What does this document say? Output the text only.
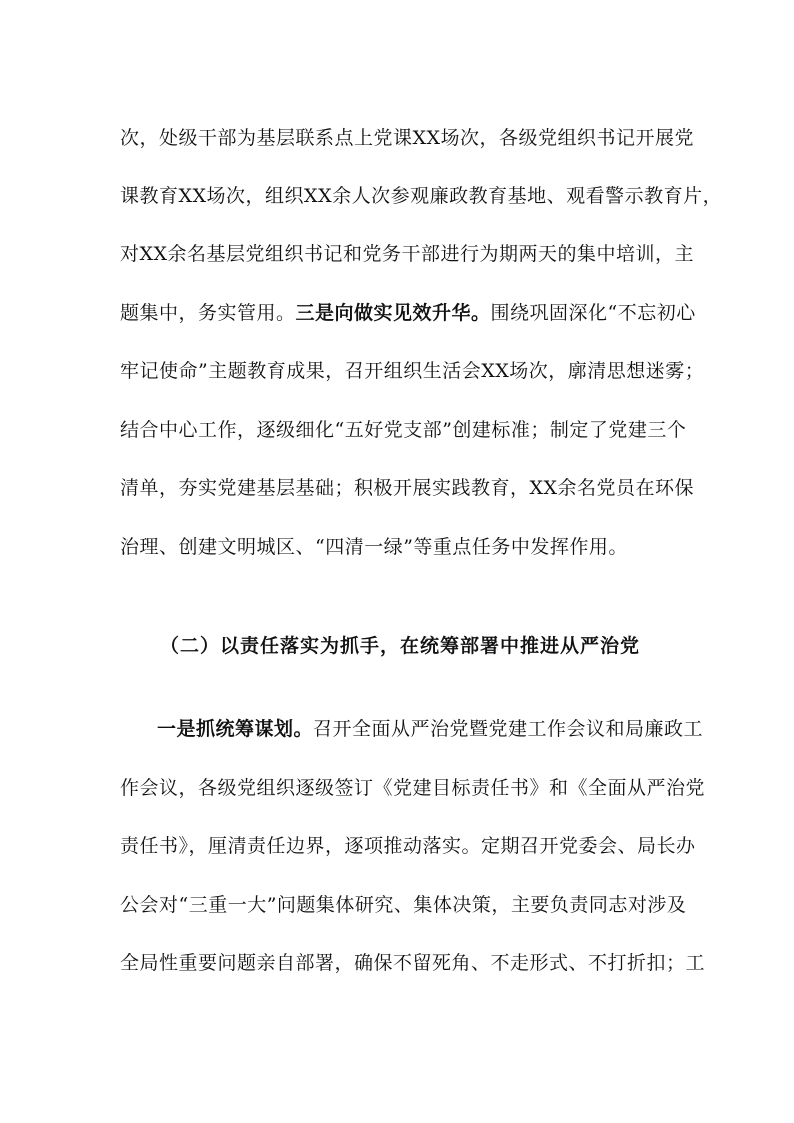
次，处级干部为基层联系点上党课XX场次，各级党组织书记开展党
课教育XX场次，组织XX余人次参观廉政教育基地、观看警示教育片，
对XX余名基层党组织书记和党务干部进行为期两天的集中培训，主
题集中，务实管用。三是向做实见效升华。围绕巩固深化“不忘初心
牢记使命”主题教育成果，召开组织生活会XX场次，廓清思想迷雾；
结合中心工作，逐级细化“五好党支部”创建标准；制定了党建三个
清单，夯实党建基层基础；积极开展实践教育，XX余名党员在环保
治理、创建文明城区、“四清一绿”等重点任务中发挥作用。
（二）以责任落实为抓手，在统筹部署中推进从严治党
一是抓统筹谋划。召开全面从严治党暨党建工作会议和局廉政工
作会议，各级党组织逐级签订《党建目标责任书》和《全面从严治党
责任书》，厘清责任边界，逐项推动落实。定期召开党委会、局长办
公会对“三重一大”问题集体研究、集体决策，主要负责同志对涉及
全局性重要问题亲自部署，确保不留死角、不走形式、不打折扣；工
